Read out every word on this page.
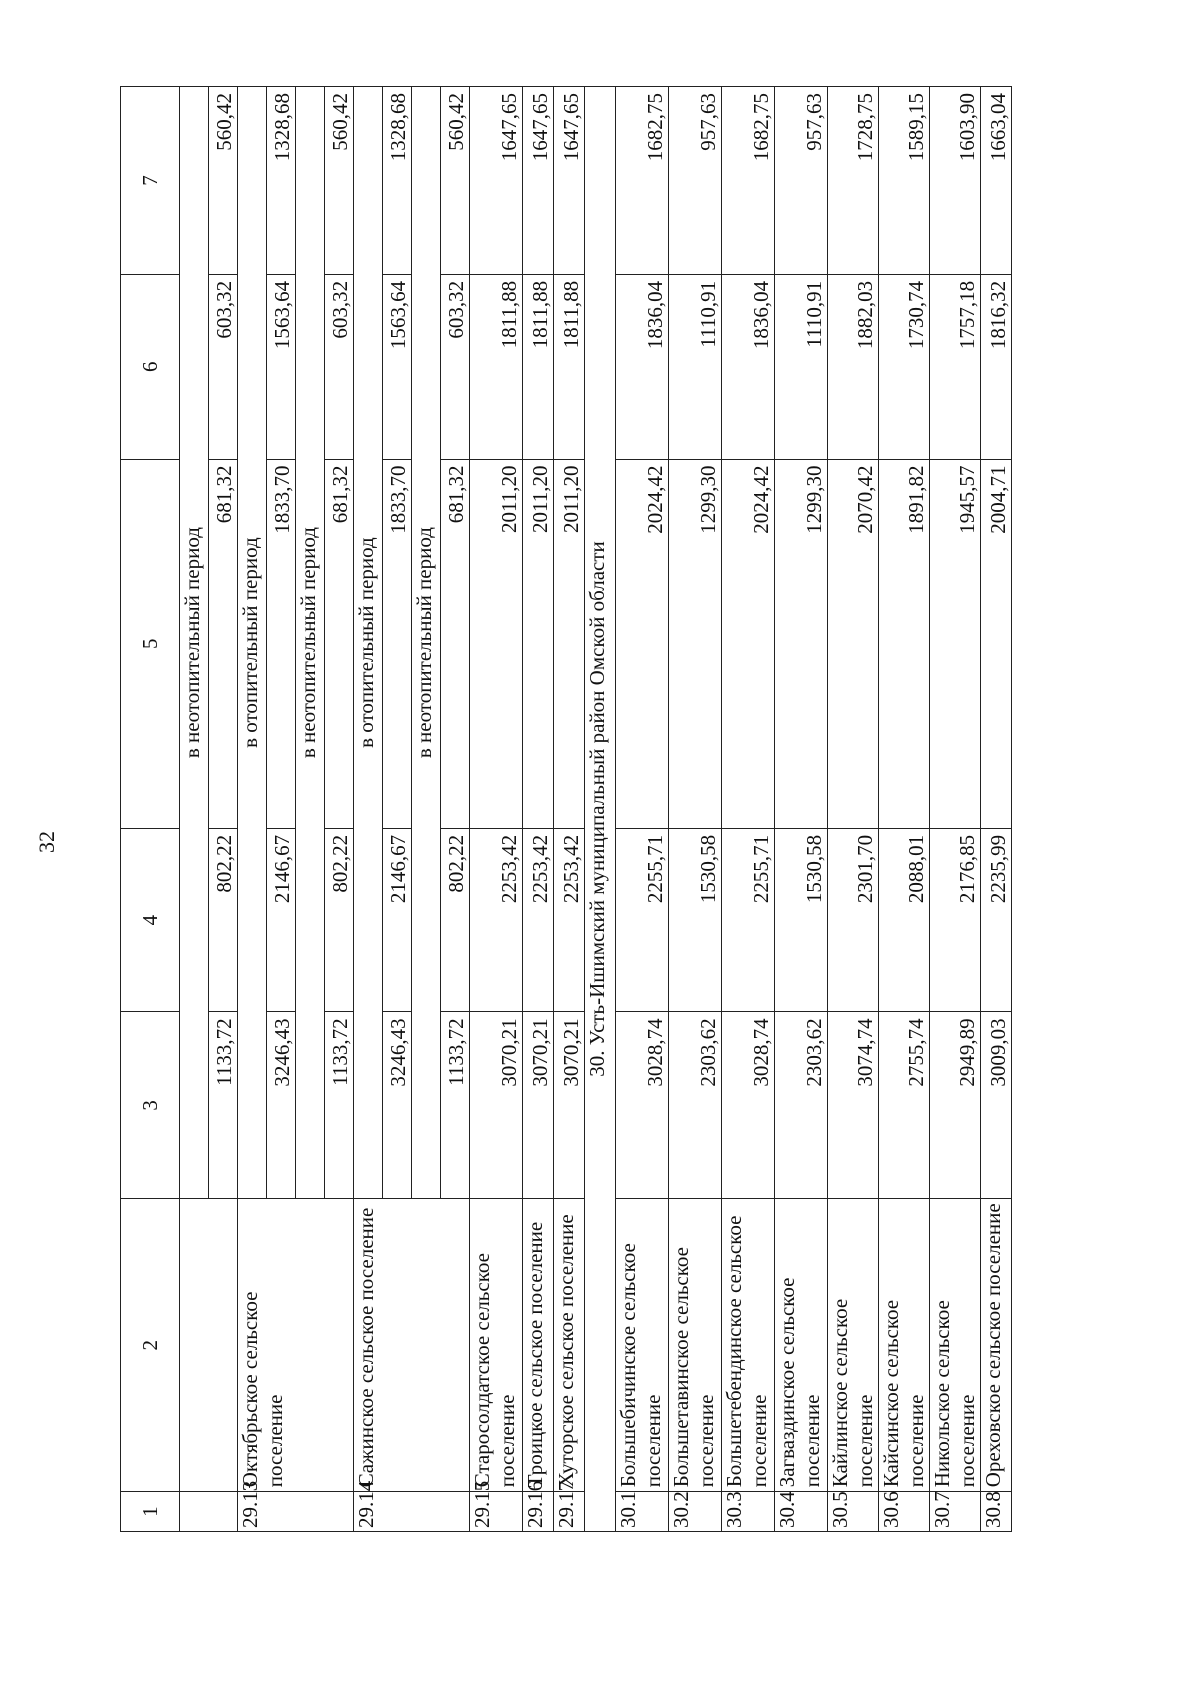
32
1	2	3	4	5	6	7
		в неотопительный период				
		1133,72	802,22	681,32	603,32	560,42
29.13	Октябрьское сельское поселение	в отопительный период				
		3246,43	2146,67	1833,70	1563,64	1328,68
		в неотопительный период				
		1133,72	802,22	681,32	603,32	560,42
29.14	Сажинское сельское поселение	в отопительный период				
		3246,43	2146,67	1833,70	1563,64	1328,68
		в неотопительный период				
		1133,72	802,22	681,32	603,32	560,42
29.15	Старосолдатское сельское поселение	3070,21	2253,42	2011,20	1811,88	1647,65
29.16	Троицкое сельское поселение	3070,21	2253,42	2011,20	1811,88	1647,65
29.17	Хуторское сельское поселение	3070,21	2253,42	2011,20	1811,88	1647,65
30. Усть-Ишимский муниципальный район Омской области						
30.1	Большебичинское сельское поселение	3028,74	2255,71	2024,42	1836,04	1682,75
30.2	Большетавинское сельское поселение	2303,62	1530,58	1299,30	1110,91	957,63
30.3	Большетебендинское сельское поселение	3028,74	2255,71	2024,42	1836,04	1682,75
30.4	Загваздинское сельское поселение	2303,62	1530,58	1299,30	1110,91	957,63
30.5	Кайлинское сельское поселение	3074,74	2301,70	2070,42	1882,03	1728,75
30.6	Кайсинское сельское поселение	2755,74	2088,01	1891,82	1730,74	1589,15
30.7	Никольское сельское поселение	2949,89	2176,85	1945,57	1757,18	1603,90
30.8	Ореховское сельское поселение	3009,03	2235,99	2004,71	1816,32	1663,04
